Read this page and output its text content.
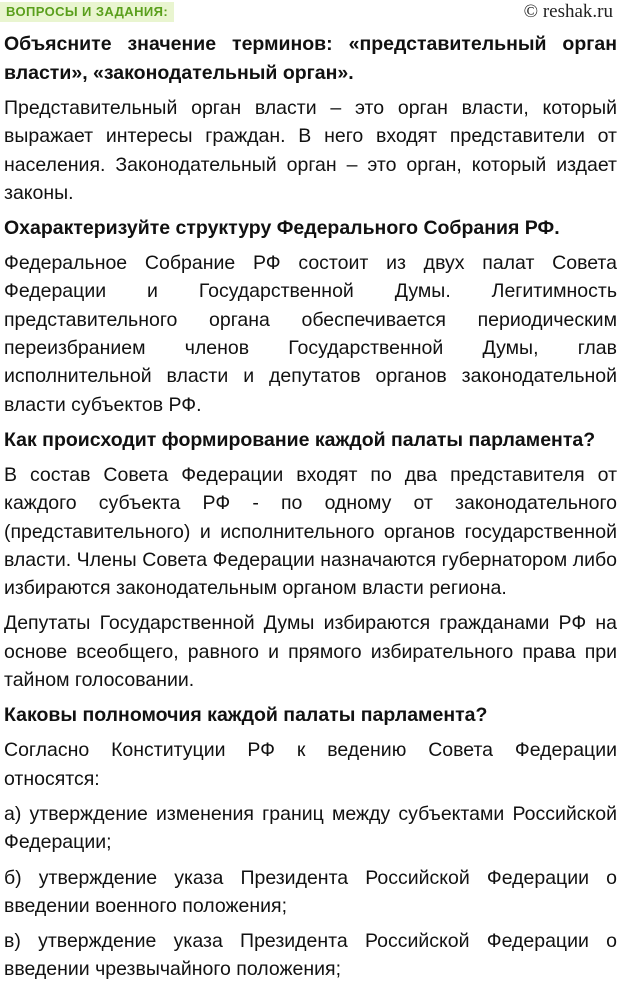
ВОПРОСЫ И ЗАДАНИЯ:	© reshak.ru

Объясните значение терминов: «представительный орган власти», «законодательный орган».

Представительный орган власти – это орган власти, который выражает интересы граждан. В него входят представители от населения. Законодательный орган – это орган, который издает законы.

Охарактеризуйте структуру Федерального Собрания РФ.

Федеральное Собрание РФ состоит из двух палат Совета Федерации и Государственной Думы. Легитимность представительного органа обеспечивается периодическим переизбранием членов Государственной Думы, глав исполнительной власти и депутатов органов законодательной власти субъектов РФ.

Как происходит формирование каждой палаты парламента?

В состав Совета Федерации входят по два представителя от каждого субъекта РФ - по одному от законодательного (представительного) и исполнительного органов государственной власти. Члены Совета Федерации назначаются губернатором либо избираются законодательным органом власти региона.

Депутаты Государственной Думы избираются гражданами РФ на основе всеобщего, равного и прямого избирательного права при тайном голосовании.

Каковы полномочия каждой палаты парламента?

Согласно Конституции РФ к ведению Совета Федерации относятся:

а) утверждение изменения границ между субъектами Российской Федерации;

б) утверждение указа Президента Российской Федерации о введении военного положения;

в) утверждение указа Президента Российской Федерации о введении чрезвычайного положения;
